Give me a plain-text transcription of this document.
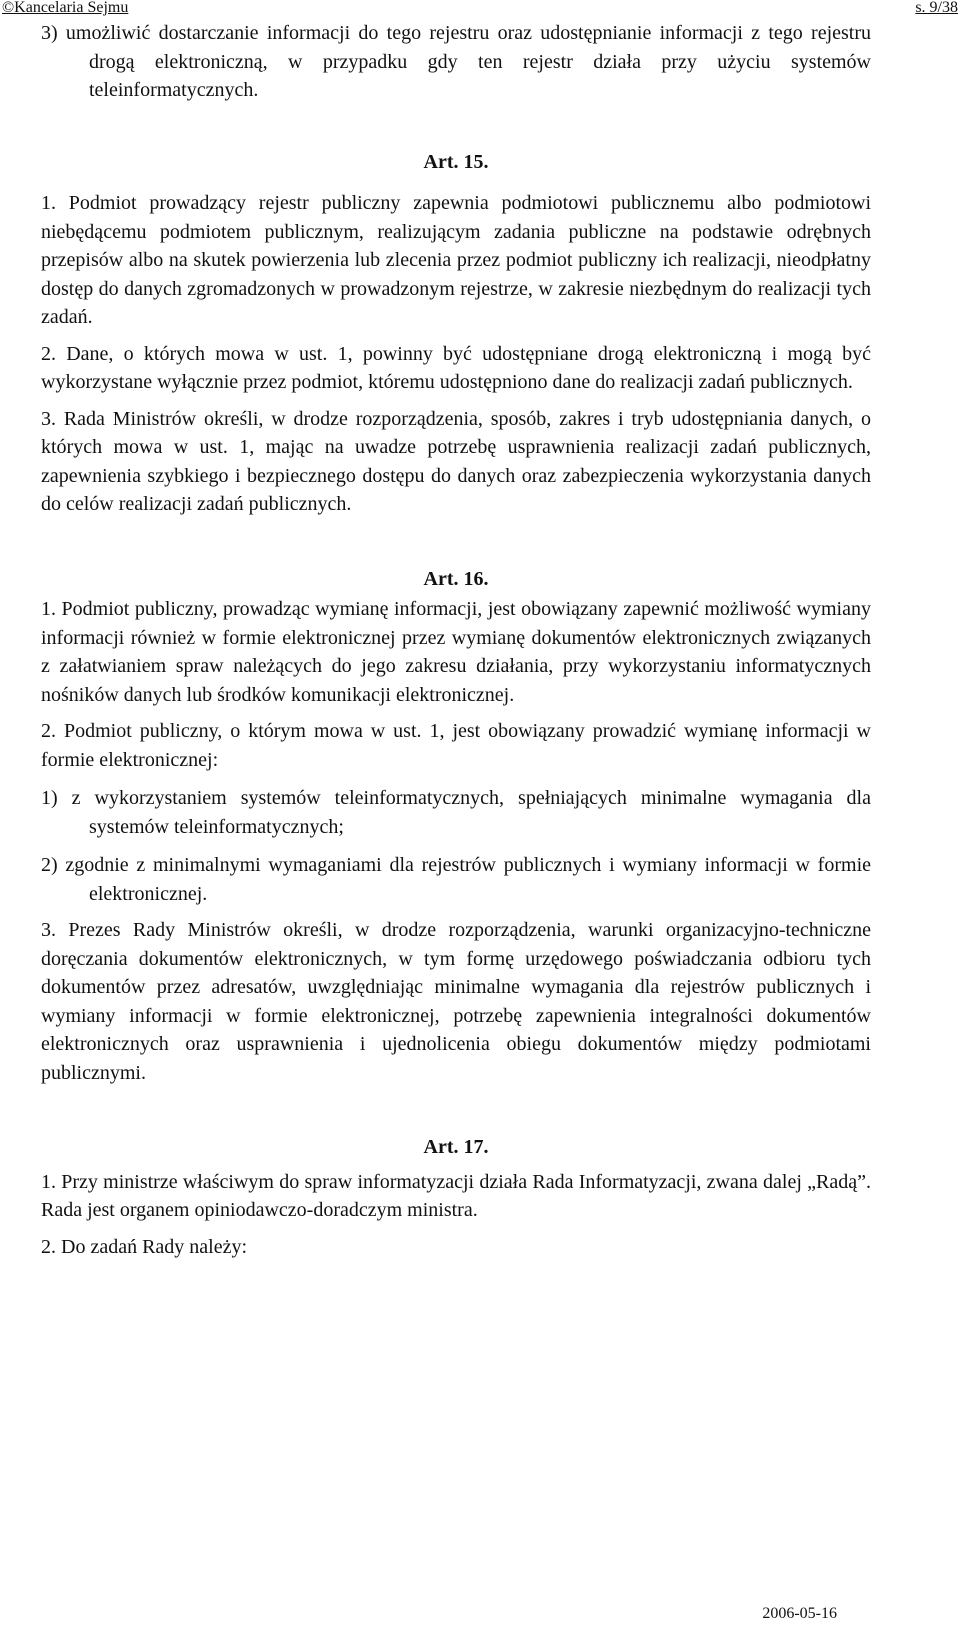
©Kancelaria Sejmu	s. 9/38

3) umożliwić dostarczanie informacji do tego rejestru oraz udostępnianie informacji z tego rejestru drogą elektroniczną, w przypadku gdy ten rejestr działa przy użyciu systemów teleinformatycznych.

Art. 15.

1. Podmiot prowadzący rejestr publiczny zapewnia podmiotowi publicznemu albo podmiotowi niebędącemu podmiotem publicznym, realizującym zadania publiczne na podstawie odrębnych przepisów albo na skutek powierzenia lub zlecenia przez podmiot publiczny ich realizacji, nieodpłatny dostęp do danych zgromadzonych w prowadzonym rejestrze, w zakresie niezbędnym do realizacji tych zadań.

2. Dane, o których mowa w ust. 1, powinny być udostępniane drogą elektroniczną i mogą być wykorzystane wyłącznie przez podmiot, któremu udostępniono dane do realizacji zadań publicznych.

3. Rada Ministrów określi, w drodze rozporządzenia, sposób, zakres i tryb udostępniania danych, o których mowa w ust. 1, mając na uwadze potrzebę usprawnienia realizacji zadań publicznych, zapewnienia szybkiego i bezpiecznego dostępu do danych oraz zabezpieczenia wykorzystania danych do celów realizacji zadań publicznych.

Art. 16.

1. Podmiot publiczny, prowadząc wymianę informacji, jest obowiązany zapewnić możliwość wymiany informacji również w formie elektronicznej przez wymianę dokumentów elektronicznych związanych z załatwianiem spraw należących do jego zakresu działania, przy wykorzystaniu informatycznych nośników danych lub środków komunikacji elektronicznej.

2. Podmiot publiczny, o którym mowa w ust. 1, jest obowiązany prowadzić wymianę informacji w formie elektronicznej:

1) z wykorzystaniem systemów teleinformatycznych, spełniających minimalne wymagania dla systemów teleinformatycznych;

2) zgodnie z minimalnymi wymaganiami dla rejestrów publicznych i wymiany informacji w formie elektronicznej.

3. Prezes Rady Ministrów określi, w drodze rozporządzenia, warunki organizacyjno-techniczne doręczania dokumentów elektronicznych, w tym formę urzędowego poświadczania odbioru tych dokumentów przez adresatów, uwzględniając minimalne wymagania dla rejestrów publicznych i wymiany informacji w formie elektronicznej, potrzebę zapewnienia integralności dokumentów elektronicznych oraz usprawnienia i ujednolicenia obiegu dokumentów między podmiotami publicznymi.

Art. 17.

1. Przy ministrze właściwym do spraw informatyzacji działa Rada Informatyzacji, zwana dalej „Radą”. Rada jest organem opiniodawczo-doradczym ministra.

2. Do zadań Rady należy:

2006-05-16
